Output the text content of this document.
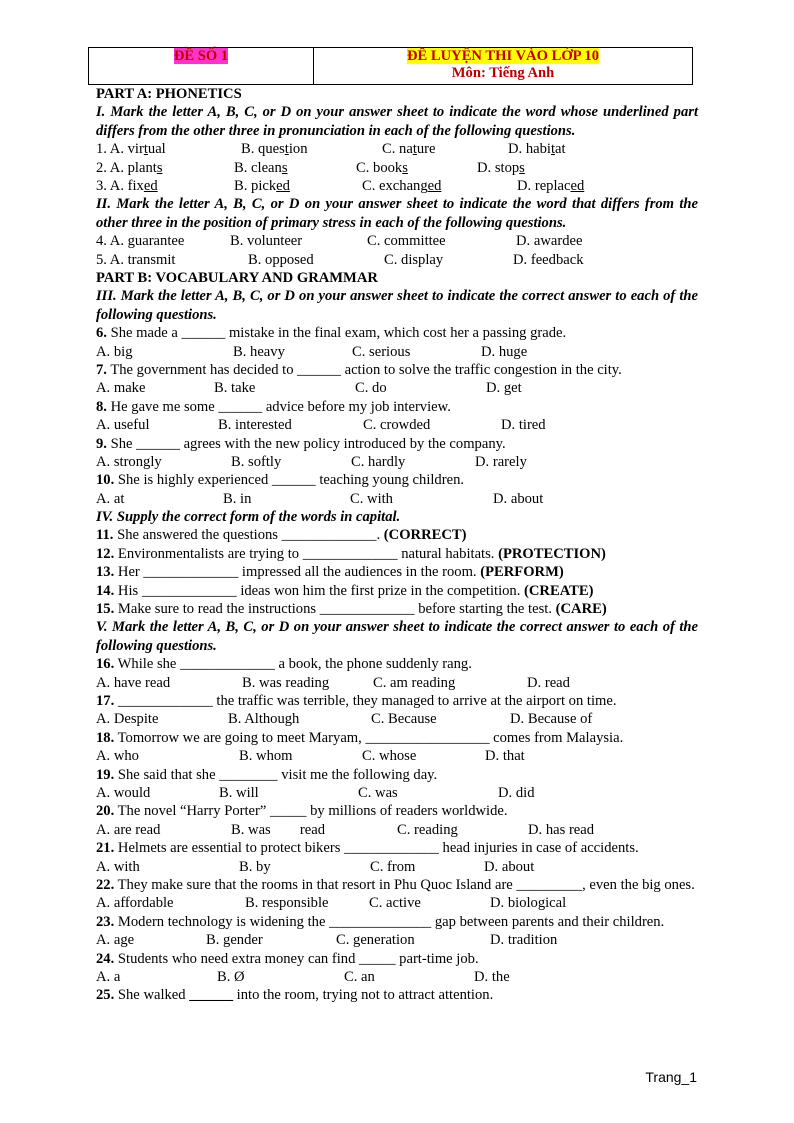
ĐỀ SỐ 1	ĐỀ LUYỆN THI VÀO LỚP 10
Môn: Tiếng Anh
PART A: PHONETICS
I. Mark the letter A, B, C, or D on your answer sheet to indicate the word whose underlined part differs from the other three in pronunciation in each of the following questions.
1. A. virtual	B. question	C. nature	D. habitat
2. A. plants	B. cleans	C. books	D. stops
3. A. fixed	B. picked	C. exchanged	D. replaced
II. Mark the letter A, B, C, or D on your answer sheet to indicate the word that differs from the other three in the position of primary stress in each of the following questions.
4. A. guarantee	B. volunteer	C. committee	D. awardee
5. A. transmit	B. opposed	C. display	D. feedback
PART B: VOCABULARY AND GRAMMAR
III. Mark the letter A, B, C, or D on your answer sheet to indicate the correct answer to each of the following questions.
6. She made a ______ mistake in the final exam, which cost her a passing grade.
A. big	B. heavy	C. serious	D. huge
7. The government has decided to ______ action to solve the traffic congestion in the city.
A. make	B. take	C. do	D. get
8. He gave me some ______ advice before my job interview.
A. useful	B. interested	C. crowded	D. tired
9. She ______ agrees with the new policy introduced by the company.
A. strongly	B. softly	C. hardly	D. rarely
10. She is highly experienced ______ teaching young children.
A. at	B. in	C. with	D. about
IV. Supply the correct form of the words in capital.
11. She answered the questions _____________. (CORRECT)
12. Environmentalists are trying to _____________ natural habitats. (PROTECTION)
13. Her _____________ impressed all the audiences in the room. (PERFORM)
14. His _____________ ideas won him the first prize in the competition. (CREATE)
15. Make sure to read the instructions _____________ before starting the test. (CARE)
V. Mark the letter A, B, C, or D on your answer sheet to indicate the correct answer to each of the following questions.
16. While she _____________ a book, the phone suddenly rang.
A. have read	B. was reading	C. am reading	D. read
17. _____________ the traffic was terrible, they managed to arrive at the airport on time.
A. Despite	B. Although	C. Because	D. Because of
18. Tomorrow we are going to meet Maryam, _________________ comes from Malaysia.
A. who	B. whom	C. whose	D. that
19. She said that she ________ visit me the following day.
A. would	B. will	C. was	D. did
20. The novel “Harry Porter” _____ by millions of readers worldwide.
A. are read	B. was        read	C. reading	D. has read
21. Helmets are essential to protect bikers _____________ head injuries in case of accidents.
A. with	B. by	C. from	D. about
22. They make sure that the rooms in that resort in Phu Quoc Island are _________, even the big ones.
A. affordable	B. responsible	C. active	D. biological
23. Modern technology is widening the ______________ gap between parents and their children.
A. age	B. gender	C. generation	D. tradition
24. Students who need extra money can find _____ part-time job.
A. a	B. Ø	C. an	D. the
25. She walked ______ into the room, trying not to attract attention.
Trang_1
